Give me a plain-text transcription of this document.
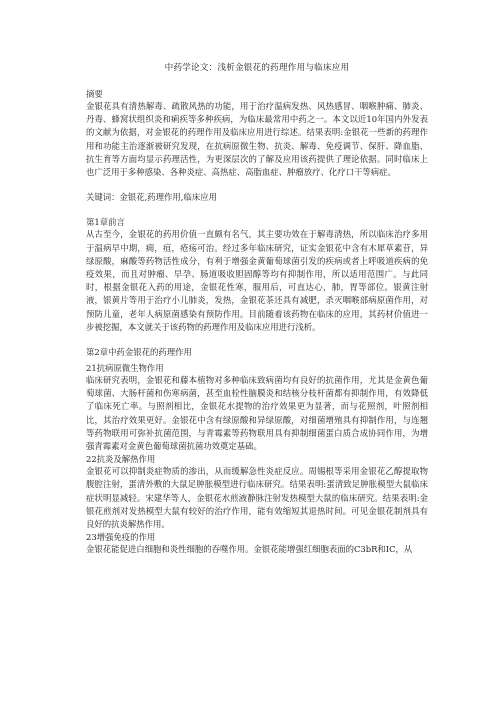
中药学论文：浅析金银花的药理作用与临床应用
摘要
金银花具有清热解毒、疏散风热的功能，用于治疗温病发热、风热感冒、咽喉肿痛、肺炎、丹毒、蜂窝状组织炎和痢疾等多种疾病，为临床最常用中药之一。本文以近10年国内外发表的文献为依据，对金银花的药理作用及临床应用进行综述。结果表明:金银花一些新的药理作用和功能主治逐渐被研究发现，在抗病原微生物、抗炎、解毒、免疫调节、保肝、降血脂、抗生育等方面均显示药理活性，为更深层次的了解及应用该药提供了理论依据。同时临床上也广泛用于多种感染、各种炎症、高热症、高脂血症、肿瘤放疗、化疗口干等病症。
关键词：金银花,药理作用,临床应用
第1章前言
从古至今，金银花的药用价值一直颇有名气，其主要功效在于解毒清热，所以临床治疗多用于温病早中期，痈，疽，疮疡可治。经过多年临床研究，证实金银花中含有木犀草素苷，异绿原酸，麻酸等药物活性成分，有利于增强金黄葡萄球菌引发的疾病或者上呼吸道疾病的免疫效果，而且对肿瘤、早孕、肠道吸收胆固醇等均有抑制作用，所以适用范围广。与此同时，根据金银花入药的用途，金银花性寒，服用后，可直达心，肺，胃等部位。银黄注射液，银黄片等用于治疗小儿肺炎，发热，金银花茶还具有减肥，杀灭咽喉部病原菌作用，对预防儿童，老年人病原菌感染有预防作用。目前随着该药物在临床的应用，其药材价值进一步被挖掘，本文就关于该药物的药理作用及临床应用进行浅析。
第2章中药金银花的药理作用
21抗病原微生物作用
临床研究表明，金银花和藤本植物对多种临床致病菌均有良好的抗菌作用，尤其是金黄色葡萄球菌、大肠杆菌和伤寒病菌，甚至血栓性脑膜炎和结核分枝杆菌都有抑制作用，有效降低了临床死亡率。与照剂相比，金银花水提物的治疗效果更为显著，而与花照剂，叶照剂相比，其治疗效果更好。金银花中含有绿原酸和异绿原酸，对细菌增殖具有抑制作用，与连翘等药物联用可弥补抗菌范围，与青霉素等药物联用具有抑制细菌蛋白质合成协同作用，为增强青霉素对金黄色葡萄球菌抗菌功效奠定基础。
22抗炎及解热作用
金银花可以抑制炎症物质的渗出，从而缓解急性炎症反应。周锡根等采用金银花乙醇提取物腹腔注射，蛋清外敷的大鼠足肿胀模型进行临床研究。结果表明:蛋清致足肿胀模型大鼠临床症状明显减轻。宋建华等人，金银花水煎液静脉注射发热模型大鼠的临床研究。结果表明:金银花煎剂对发热模型大鼠有较好的治疗作用，能有效缩短其退热时间。可见金银花制剂具有良好的抗炎解热作用。
23增强免疫的作用
金银花能促进白细胞和炎性细胞的吞噬作用。金银花能增强红细胞表面的C3bR和IC，从
